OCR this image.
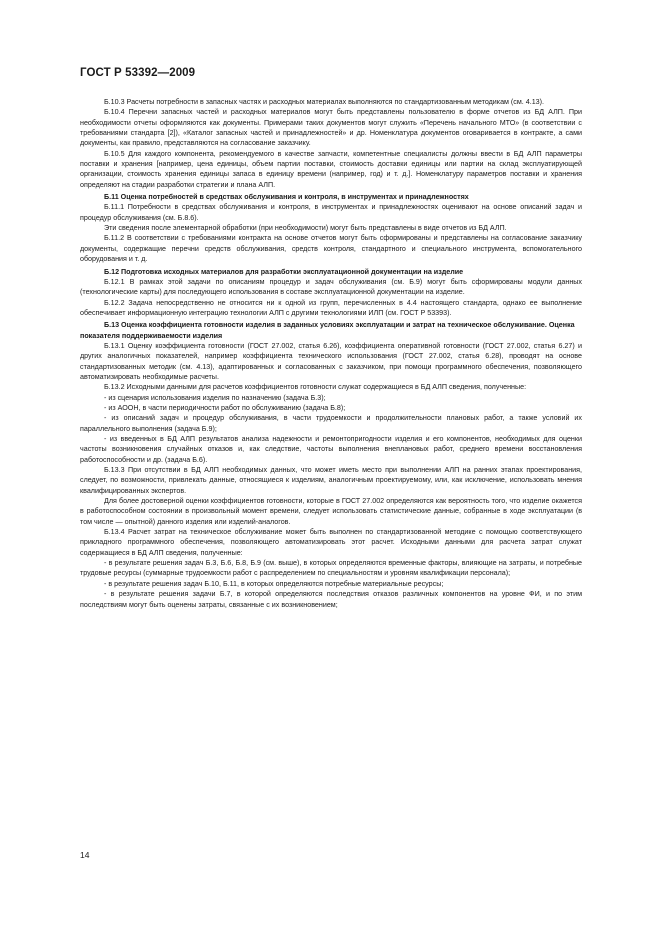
ГОСТ Р 53392—2009

Б.10.3 Расчеты потребности в запасных частях и расходных материалах выполняются по стандартизованным методикам (см. 4.13).

Б.10.4 Перечни запасных частей и расходных материалов могут быть представлены пользователю в форме отчетов из БД АЛП. При необходимости отчеты оформляются как документы. Примерами таких документов могут служить «Перечень начального МТО» (в соответствии с требованиями стандарта [2]), «Каталог запасных частей и принадлежностей» и др. Номенклатура документов оговаривается в контракте, а сами документы, как правило, представляются на согласование заказчику.

Б.10.5 Для каждого компонента, рекомендуемого в качестве запчасти, компетентные специалисты должны ввести в БД АЛП параметры поставки и хранения [например, цена единицы, объем партии поставки, стоимость доставки единицы или партии на склад эксплуатирующей организации, стоимость хранения единицы запаса в единицу времени (например, год) и т. д.]. Номенклатуру параметров поставки и хранения определяют на стадии разработки стратегии и плана АЛП.

Б.11 Оценка потребностей в средствах обслуживания и контроля, в инструментах и принадлежностях

Б.11.1 Потребности в средствах обслуживания и контроля, в инструментах и принадлежностях оценивают на основе описаний задач и процедур обслуживания (см. Б.8.6).

Эти сведения после элементарной обработки (при необходимости) могут быть представлены в виде отчетов из БД АЛП.

Б.11.2 В соответствии с требованиями контракта на основе отчетов могут быть сформированы и представлены на согласование заказчику документы, содержащие перечни средств обслуживания, средств контроля, стандартного и специального инструмента, вспомогательного оборудования и т. д.

Б.12 Подготовка исходных материалов для разработки эксплуатационной документации на изделие

Б.12.1 В рамках этой задачи по описаниям процедур и задач обслуживания (см. Б.9) могут быть сформированы модули данных (технологические карты) для последующего использования в составе эксплуатационной документации на изделие.

Б.12.2 Задача непосредственно не относится ни к одной из групп, перечисленных в 4.4 настоящего стандарта, однако ее выполнение обеспечивает информационную интеграцию технологии АЛП с другими технологиями ИЛП (см. ГОСТ Р 53393).

Б.13 Оценка коэффициента готовности изделия в заданных условиях эксплуатации и затрат на техническое обслуживание. Оценка показателя поддерживаемости изделия

Б.13.1 Оценку коэффициента готовности (ГОСТ 27.002, статья 6.26), коэффициента оперативной готовности (ГОСТ 27.002, статья 6.27) и других аналогичных показателей, например коэффициента технического использования (ГОСТ 27.002, статья 6.28), проводят на основе стандартизованных методик (см. 4.13), адаптированных и согласованных с заказчиком, при помощи программного обеспечения, позволяющего автоматизировать необходимые расчеты.

Б.13.2 Исходными данными для расчетов коэффициентов готовности служат содержащиеся в БД АЛП сведения, полученные:

- из сценария использования изделия по назначению (задача Б.3);

- из АООН, в части периодичности работ по обслуживанию (задача Б.8);

- из описаний задач и процедур обслуживания, в части трудоемкости и продолжительности плановых работ, а также условий их параллельного выполнения (задача Б.9);

- из введенных в БД АЛП результатов анализа надежности и ремонтопригодности изделия и его компонентов, необходимых для оценки частоты возникновения случайных отказов и, как следствие, частоты выполнения внеплановых работ, среднего времени восстановления работоспособности и др. (задача Б.6).

Б.13.3 При отсутствии в БД АЛП необходимых данных, что может иметь место при выполнении АЛП на ранних этапах проектирования, следует, по возможности, привлекать данные, относящиеся к изделиям, аналогичным проектируемому, или, как исключение, использовать мнения квалифицированных экспертов.

Для более достоверной оценки коэффициентов готовности, которые в ГОСТ 27.002 определяются как вероятность того, что изделие окажется в работоспособном состоянии в произвольный момент времени, следует использовать статистические данные, собранные в ходе эксплуатации (в том числе — опытной) данного изделия или изделий-аналогов.

Б.13.4 Расчет затрат на техническое обслуживание может быть выполнен по стандартизованной методике с помощью соответствующего прикладного программного обеспечения, позволяющего автоматизировать этот расчет. Исходными данными для расчета затрат служат содержащиеся в БД АЛП сведения, полученные:

- в результате решения задач Б.3, Б.6, Б.8, Б.9 (см. выше), в которых определяются временные факторы, влияющие на затраты, и потребные трудовые ресурсы (суммарные трудоемкости работ с распределением по специальностям и уровням квалификации персонала);

- в результате решения задач Б.10, Б.11, в которых определяются потребные материальные ресурсы;

- в результате решения задачи Б.7, в которой определяются последствия отказов различных компонентов на уровне ФИ, и по этим последствиям могут быть оценены затраты, связанные с их возникновением;

14
